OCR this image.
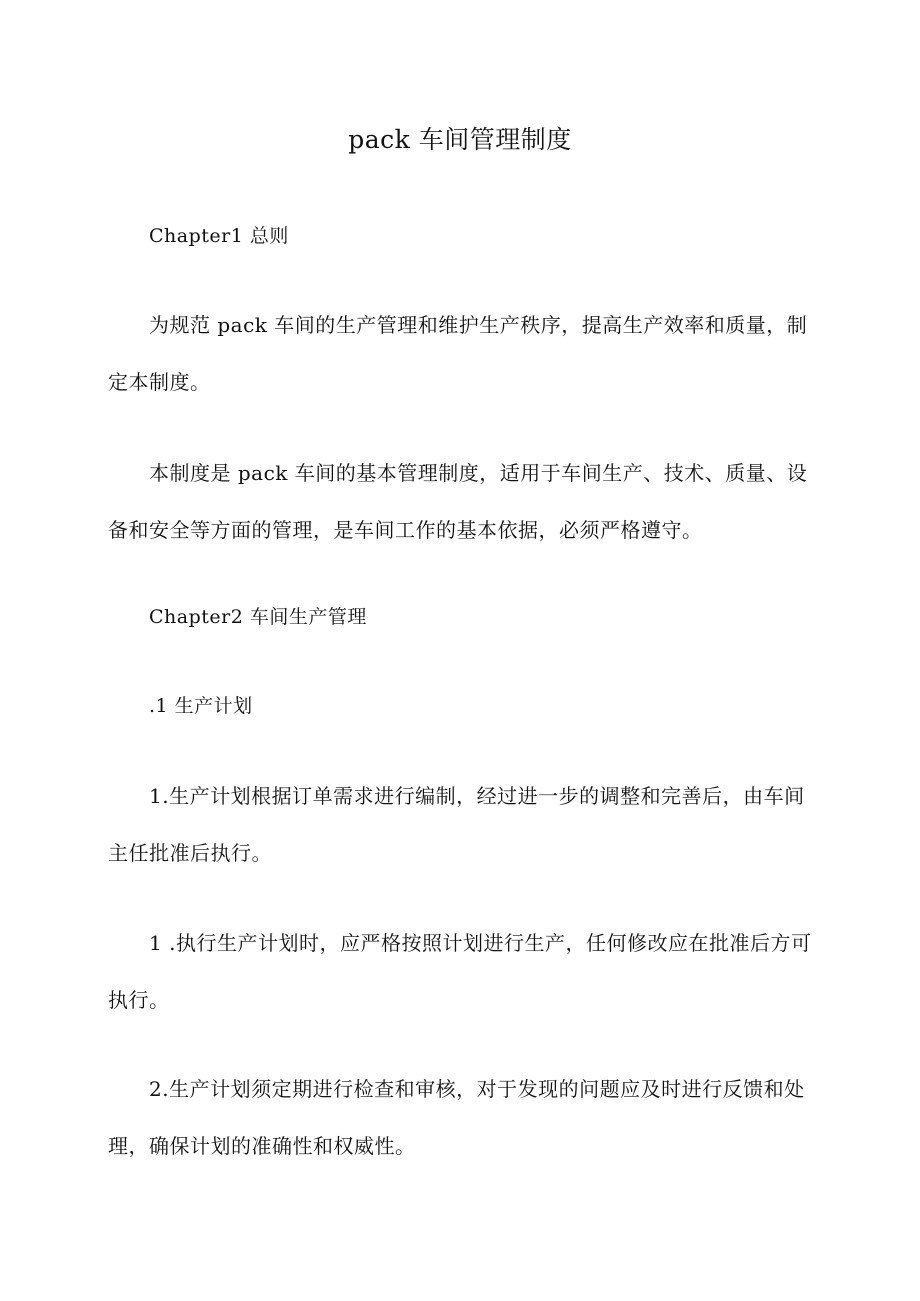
pack 车间管理制度

Chapter1 总则

为规范 pack 车间的生产管理和维护生产秩序，提高生产效率和质量，制定本制度。

本制度是 pack 车间的基本管理制度，适用于车间生产、技术、质量、设备和安全等方面的管理，是车间工作的基本依据，必须严格遵守。

Chapter2 车间生产管理

.1 生产计划

1.生产计划根据订单需求进行编制，经过进一步的调整和完善后，由车间主任批准后执行。

1 .执行生产计划时，应严格按照计划进行生产，任何修改应在批准后方可执行。

2.生产计划须定期进行检查和审核，对于发现的问题应及时进行反馈和处理，确保计划的准确性和权威性。
